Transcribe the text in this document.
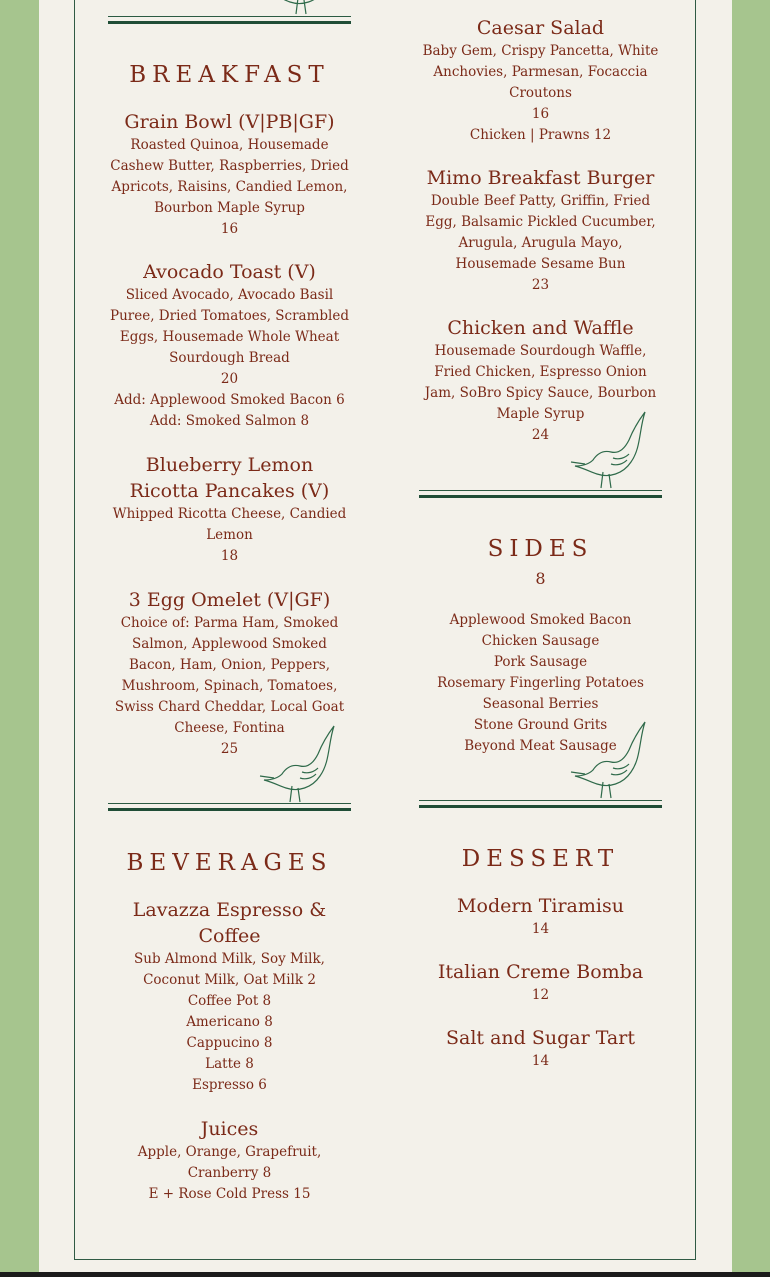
BREAKFAST
Grain Bowl (V|PB|GF)
Roasted Quinoa, Housemade Cashew Butter, Raspberries, Dried Apricots, Raisins, Candied Lemon, Bourbon Maple Syrup
16
Avocado Toast (V)
Sliced Avocado, Avocado Basil Puree, Dried Tomatoes, Scrambled Eggs, Housemade Whole Wheat Sourdough Bread
20
Add: Applewood Smoked Bacon 6
Add: Smoked Salmon 8
Blueberry Lemon Ricotta Pancakes (V)
Whipped Ricotta Cheese, Candied Lemon
18
3 Egg Omelet (V|GF)
Choice of: Parma Ham, Smoked Salmon, Applewood Smoked Bacon, Ham, Onion, Peppers, Mushroom, Spinach, Tomatoes, Swiss Chard Cheddar, Local Goat Cheese, Fontina
25
BEVERAGES
Lavazza Espresso & Coffee
Sub Almond Milk, Soy Milk, Coconut Milk, Oat Milk 2
Coffee Pot 8
Americano 8
Cappucino 8
Latte 8
Espresso 6
Juices
Apple, Orange, Grapefruit, Cranberry 8
E + Rose Cold Press 15
Caesar Salad
Baby Gem, Crispy Pancetta, White Anchovies, Parmesan, Focaccia Croutons
16
Chicken | Prawns 12
Mimo Breakfast Burger
Double Beef Patty, Griffin, Fried Egg, Balsamic Pickled Cucumber, Arugula, Arugula Mayo, Housemade Sesame Bun
23
Chicken and Waffle
Housemade Sourdough Waffle, Fried Chicken, Espresso Onion Jam, SoBro Spicy Sauce, Bourbon Maple Syrup
24
SIDES
8
Applewood Smoked Bacon
Chicken Sausage
Pork Sausage
Rosemary Fingerling Potatoes
Seasonal Berries
Stone Ground Grits
Beyond Meat Sausage
DESSERT
Modern Tiramisu
14
Italian Creme Bomba
12
Salt and Sugar Tart
14
